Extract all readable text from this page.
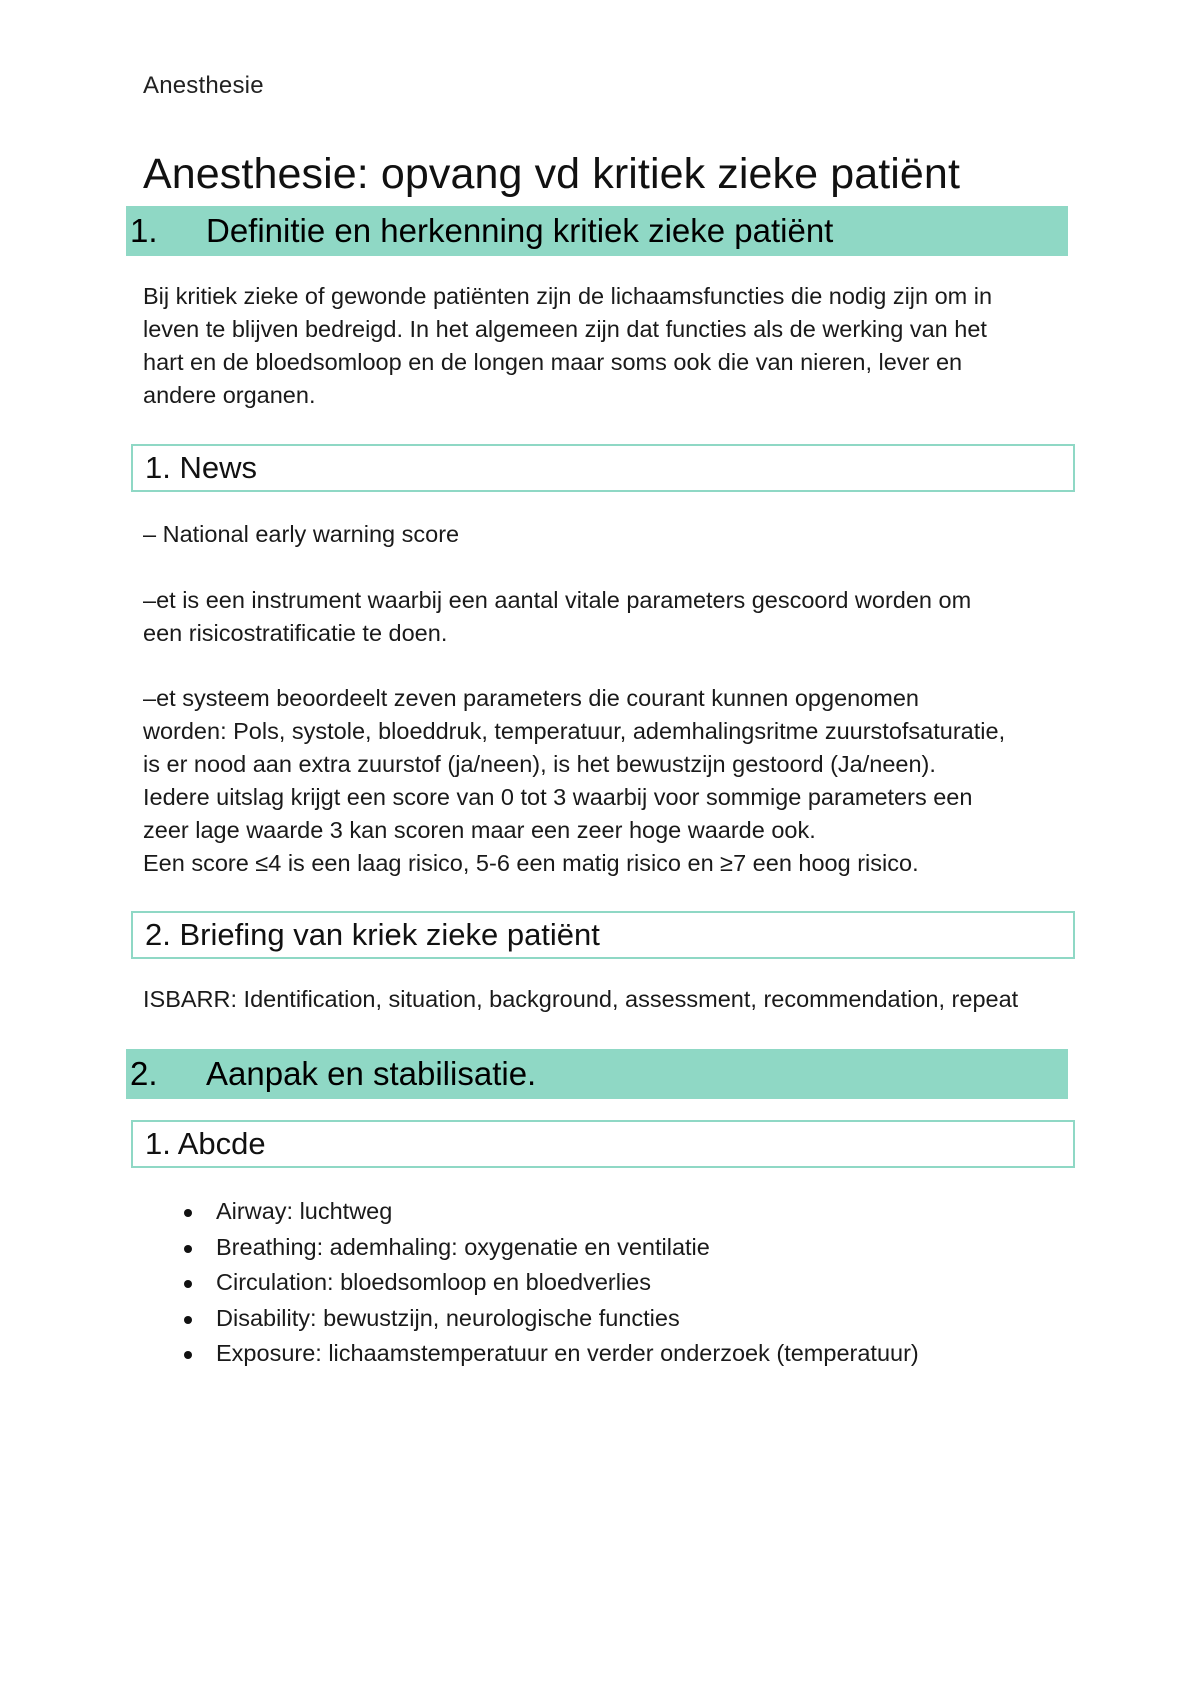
Anesthesie
Anesthesie: opvang vd kritiek zieke patiënt
1.	Definitie en herkenning kritiek zieke patiënt

Bij kritiek zieke of gewonde patiënten zijn de lichaamsfuncties die nodig zijn om in
leven te blijven bedreigd. In het algemeen zijn dat functies als de werking van het
hart en de bloedsomloop en de longen maar soms ook die van nieren, lever en
andere organen.

1. News

– National early warning score

–et is een instrument waarbij een aantal vitale parameters gescoord worden om
een risicostratificatie te doen.

–et systeem beoordeelt zeven parameters die courant kunnen opgenomen
worden: Pols, systole, bloeddruk, temperatuur, ademhalingsritme zuurstofsaturatie,
is er nood aan extra zuurstof (ja/neen), is het bewustzijn gestoord (Ja/neen).
Iedere uitslag krijgt een score van 0 tot 3 waarbij voor sommige parameters een
zeer lage waarde 3 kan scoren maar een zeer hoge waarde ook.
Een score ≤4 is een laag risico, 5-6 een matig risico en ≥7 een hoog risico.

2. Briefing van kriek zieke patiënt

ISBARR: Identification, situation, background, assessment, recommendation, repeat

2.	Aanpak en stabilisatie.
1. Abcde
Airway: luchtweg
Breathing: ademhaling: oxygenatie en ventilatie
Circulation: bloedsomloop en bloedverlies
Disability: bewustzijn, neurologische functies
Exposure: lichaamstemperatuur en verder onderzoek (temperatuur)
